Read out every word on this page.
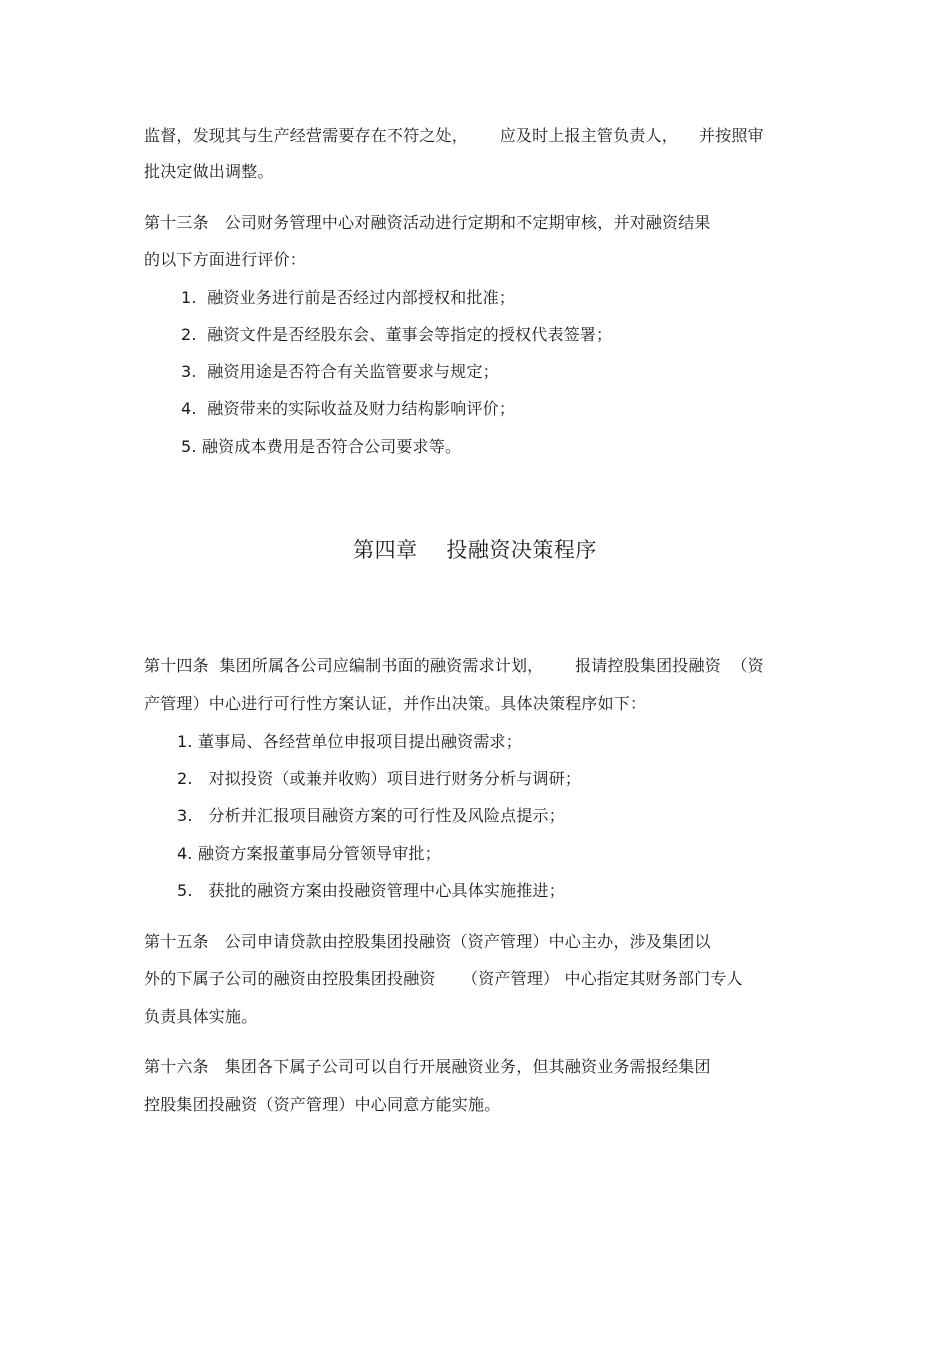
监督，发现其与生产经营需要存在不符之处，      应及时上报主管负责人，    并按照审
批决定做出调整。
第十三条   公司财务管理中心对融资活动进行定期和不定期审核，并对融资结果
的以下方面进行评价：
1.  融资业务进行前是否经过内部授权和批准；
2.  融资文件是否经股东会、董事会等指定的授权代表签署；
3.  融资用途是否符合有关监管要求与规定；
4.  融资带来的实际收益及财力结构影响评价；
5. 融资成本费用是否符合公司要求等。
第四章    投融资决策程序
第十四条  集团所属各公司应编制书面的融资需求计划，      报请控股集团投融资  （资
产管理）中心进行可行性方案认证，并作出决策。具体决策程序如下：
1. 董事局、各经营单位申报项目提出融资需求；
2.   对拟投资（或兼并收购）项目进行财务分析与调研；
3.   分析并汇报项目融资方案的可行性及风险点提示；
4. 融资方案报董事局分管领导审批；
5.   获批的融资方案由投融资管理中心具体实施推进；
第十五条   公司申请贷款由控股集团投融资（资产管理）中心主办，涉及集团以
外的下属子公司的融资由控股集团投融资     （资产管理） 中心指定其财务部门专人
负责具体实施。
第十六条   集团各下属子公司可以自行开展融资业务，但其融资业务需报经集团
控股集团投融资（资产管理）中心同意方能实施。
